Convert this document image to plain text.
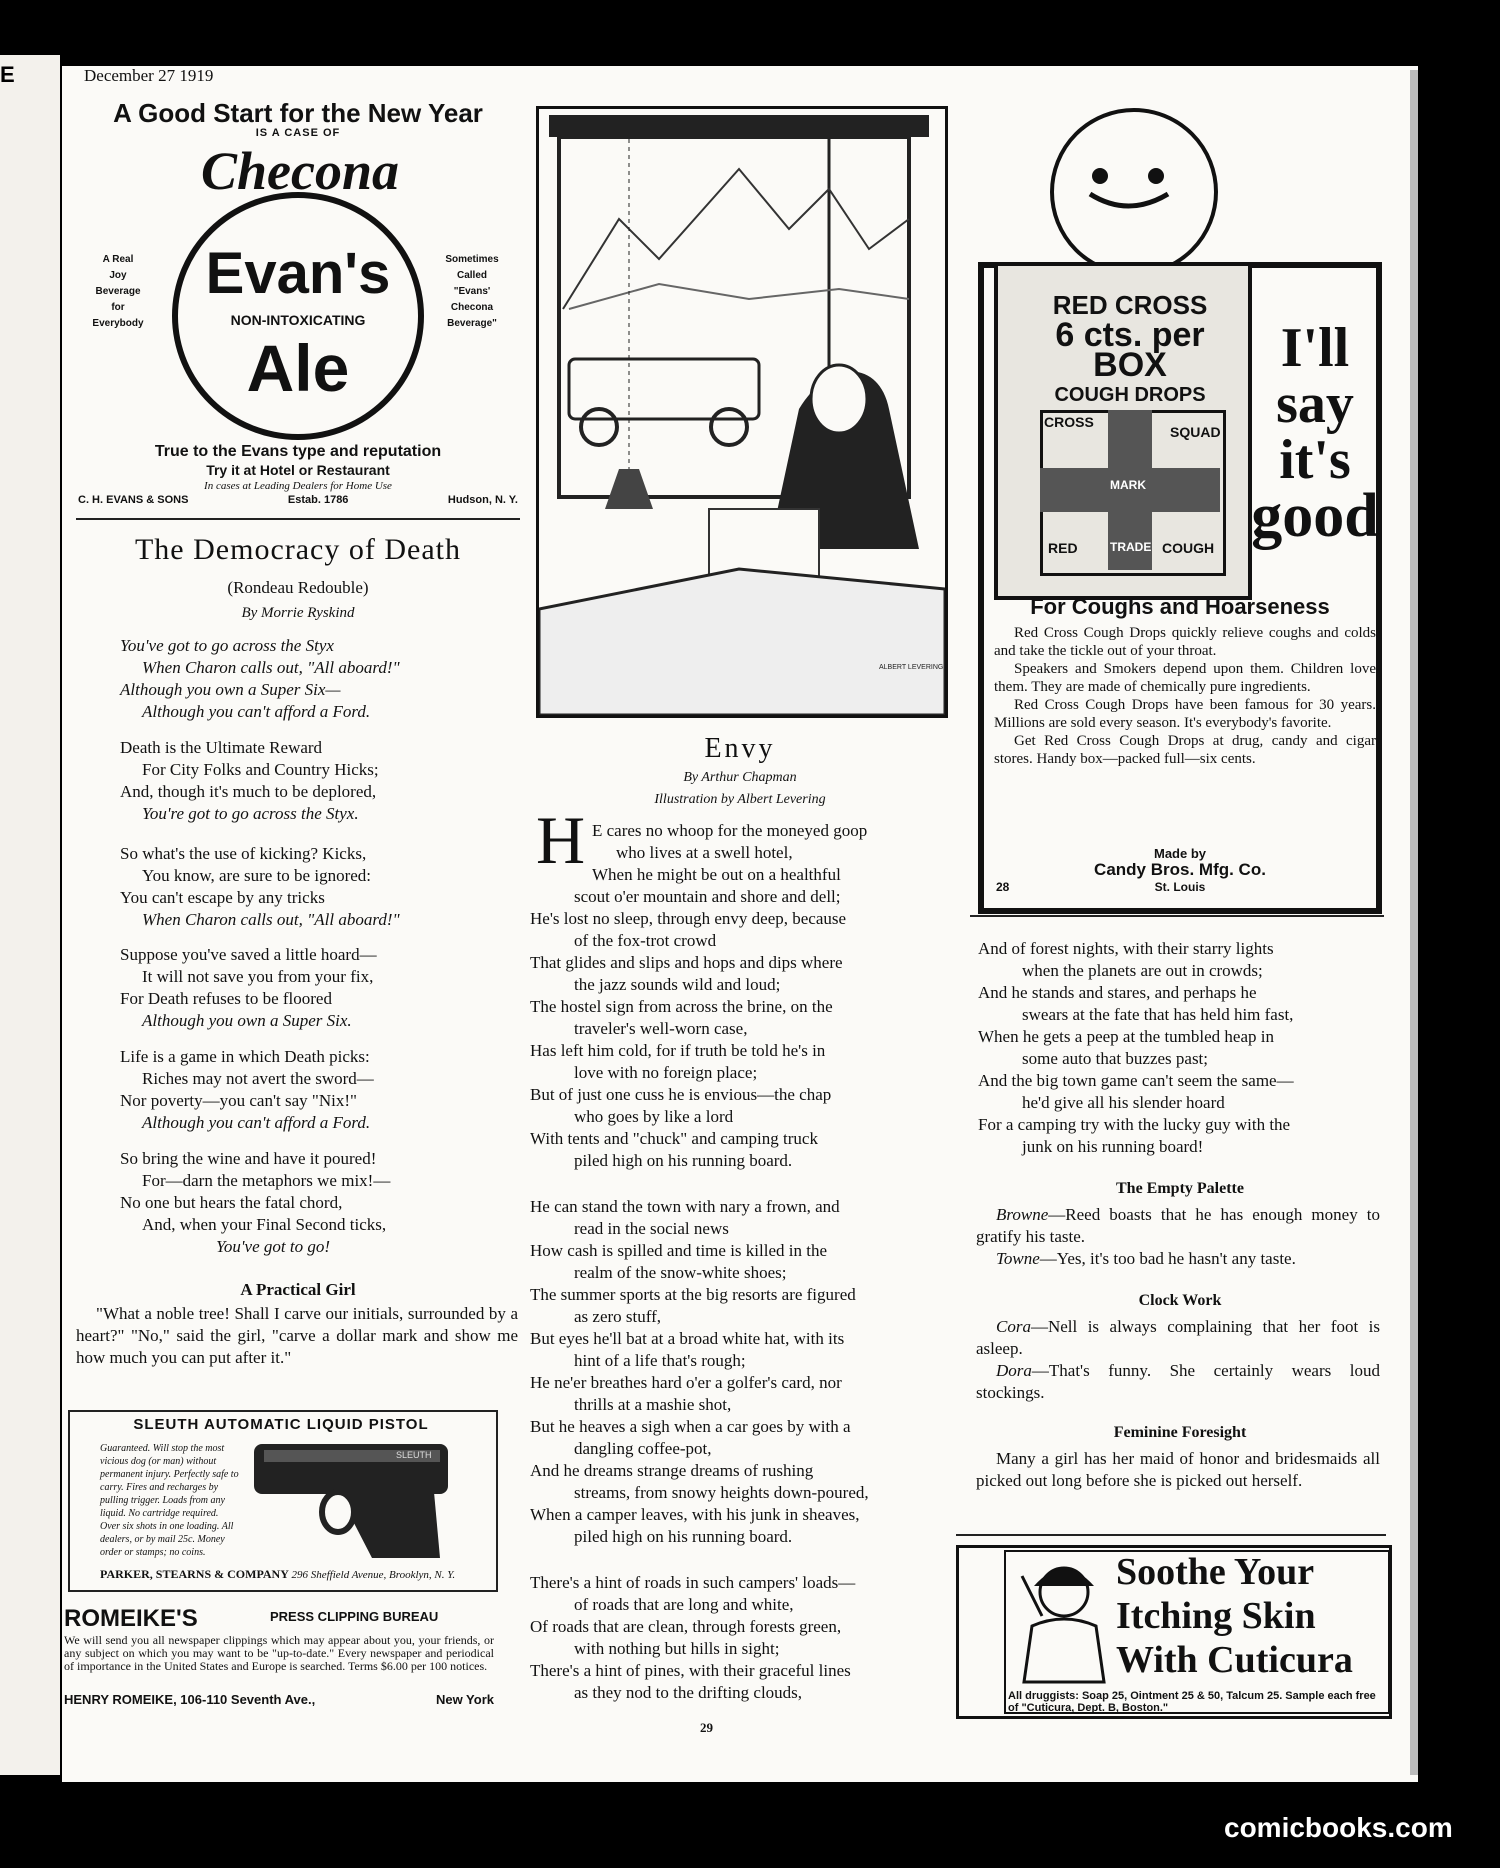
E	December 27 1919
A Good Start for the New Year
IS A CASE OF
Checona
Evan's
NON-INTOXICATING
Ale
A Real
Joy
Beverage
for
Everybody
Sometimes
Called
"Evans'
Checona
Beverage"
True to the Evans type and reputation
Try it at Hotel or Restaurant
In cases at Leading Dealers for Home Use
C. H. EVANS & SONS	Estab. 1786	Hudson, N. Y.
The Democracy of Death
(Rondeau Redouble)
By Morrie Ryskind
You've got to go across the Styx
When Charon calls out, "All aboard!"
Although you own a Super Six—
Although you can't afford a Ford.
Death is the Ultimate Reward
For City Folks and Country Hicks;
And, though it's much to be deplored,
You're got to go across the Styx.
So what's the use of kicking? Kicks,
You know, are sure to be ignored:
You can't escape by any tricks
When Charon calls out, "All aboard!"
Suppose you've saved a little hoard—
It will not save you from your fix,
For Death refuses to be floored
Although you own a Super Six.
Life is a game in which Death picks:
Riches may not avert the sword—
Nor poverty—you can't say "Nix!"
Although you can't afford a Ford.
So bring the wine and have it poured!
For—darn the metaphors we mix!—
No one but hears the fatal chord,
And, when your Final Second ticks,
You've got to go!
A Practical Girl
"What a noble tree! Shall I carve our initials, surrounded by a heart?" "No," said the girl, "carve a dollar mark and show me how much you can put after it."
SLEUTH AUTOMATIC LIQUID PISTOL
Guaranteed. Will stop the most vicious dog (or man) without permanent injury. Perfectly safe to carry. Fires and recharges by pulling trigger. Loads from any liquid. No cartridge required. Over six shots in one loading. All dealers, or by mail 25c. Money order or stamps; no coins.
SLEUTH
PARKER, STEARNS & COMPANY 296 Sheffield Avenue, Brooklyn, N. Y.
ROMEIKE'S	PRESS CLIPPING BUREAU
We will send you all newspaper clippings which may appear about you, your friends, or any subject on which you may want to be "up-to-date." Every newspaper and periodical of importance in the United States and Europe is searched. Terms $6.00 per 100 notices.
HENRY ROMEIKE, 106-110 Seventh Ave.,	New York
ALBERT LEVERING
Envy
By Arthur Chapman
Illustration by Albert Levering
H E cares no whoop for the moneyed goop
who lives at a swell hotel,
When he might be out on a healthful
scout o'er mountain and shore and dell;
He's lost no sleep, through envy deep, because
of the fox-trot crowd
That glides and slips and hops and dips where
the jazz sounds wild and loud;
The hostel sign from across the brine, on the
traveler's well-worn case,
Has left him cold, for if truth be told he's in
love with no foreign place;
But of just one cuss he is envious—the chap
who goes by like a lord
With tents and "chuck" and camping truck
piled high on his running board.
He can stand the town with nary a frown, and
read in the social news
How cash is spilled and time is killed in the
realm of the snow-white shoes;
The summer sports at the big resorts are figured
as zero stuff,
But eyes he'll bat at a broad white hat, with its
hint of a life that's rough;
He ne'er breathes hard o'er a golfer's card, nor
thrills at a mashie shot,
But he heaves a sigh when a car goes by with a
dangling coffee-pot,
And he dreams strange dreams of rushing
streams, from snowy heights down-poured,
When a camper leaves, with his junk in sheaves,
piled high on his running board.
There's a hint of roads in such campers' loads—
of roads that are long and white,
Of roads that are clean, through forests green,
with nothing but hills in sight;
There's a hint of pines, with their graceful lines
as they nod to the drifting clouds,
29
RED CROSS
6 cts. per BOX
COUGH DROPS
CROSS
MARK
SQUAD
RED	TRADE COUGH
I'll
say
it's
good
For Coughs and Hoarseness

Red Cross Cough Drops quickly relieve coughs and colds and take the tickle out of your throat.

Speakers and Smokers depend upon them. Children love them. They are made of chemically pure ingredients.

Red Cross Cough Drops have been famous for 30 years. Millions are sold every season. It's everybody's favorite.

Get Red Cross Cough Drops at drug, candy and cigar stores. Handy box—packed full—six cents.

Made by
Candy Bros. Mfg. Co.
St. Louis
28
And of forest nights, with their starry lights
when the planets are out in crowds;
And he stands and stares, and perhaps he
swears at the fate that has held him fast,
When he gets a peep at the tumbled heap in
some auto that buzzes past;
And the big town game can't seem the same—
he'd give all his slender hoard
For a camping try with the lucky guy with the
junk on his running board!
The Empty Palette
Browne—Reed boasts that he has enough money to gratify his taste.
Towne—Yes, it's too bad he hasn't any taste.
Clock Work
Cora—Nell is always complaining that her foot is asleep.
Dora—That's funny. She certainly wears loud stockings.
Feminine Foresight
Many a girl has her maid of honor and bridesmaids all picked out long before she is picked out herself.
Soothe Your
Itching Skin
With Cuticura
All druggists: Soap 25, Ointment 25 & 50, Talcum 25. Sample each free of "Cuticura, Dept. B, Boston."
comicbooks.com
